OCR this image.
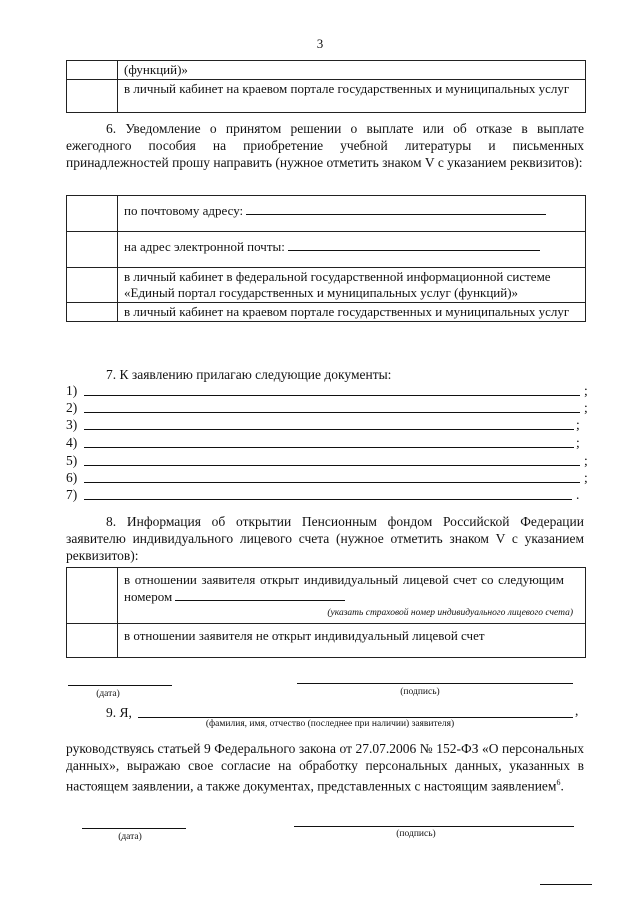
3
	(функций)»
	в личный кабинет на краевом портале государственных и муниципальных услуг
6. Уведомление о принятом решении о выплате или об отказе в выплате ежегодного пособия на приобретение учебной литературы и письменных принадлежностей прошу направить (нужное отметить знаком V с указанием реквизитов):
	по почтовому адресу:
	на адрес электронной почты:
	в личный кабинет в федеральной государственной информационной системе «Единый портал государственных и муниципальных услуг (функций)»
	в личный кабинет на краевом портале государственных и муниципальных услуг
7. К заявлению прилагаю следующие документы:
1)	;
2)	;
3)	;
4)	;
5)	;
6)	;
7)	.
8. Информация об открытии Пенсионным фондом Российской Федерации заявителю индивидуального лицевого счета (нужное отметить знаком V с указанием реквизитов):

	в отношении заявителя открыт индивидуальный лицевой счет со следующим номером
(указать страховой номер индивидуального лицевого счета)

	в отношении заявителя не открыт индивидуальный лицевой счет
(дата)	(подпись)
9. Я,	,
(фамилия, имя, отчество (последнее при наличии) заявителя)
руководствуясь статьей 9 Федерального закона от 27.07.2006 № 152-ФЗ «О персональных данных», выражаю свое согласие на обработку персональных данных, указанных в настоящем заявлении, а также документах, представленных с настоящим заявлением$^6$.
(дата)	(подпись)
